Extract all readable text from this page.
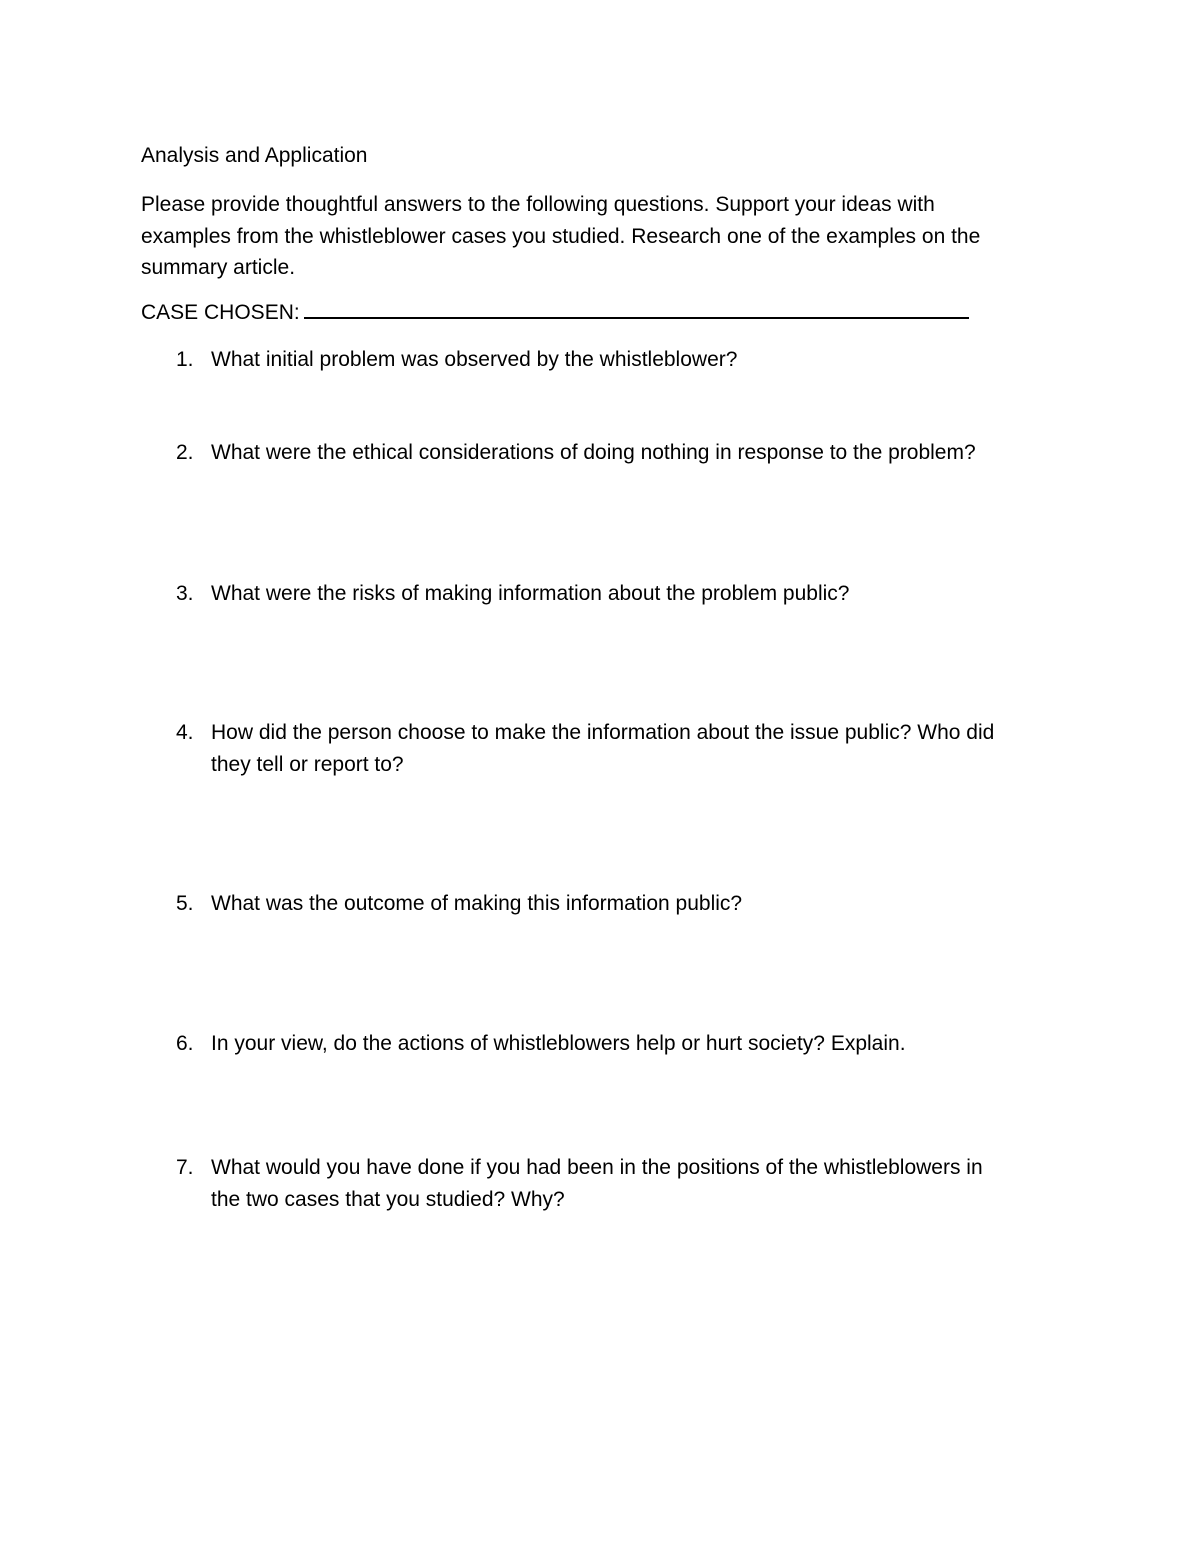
Analysis and Application
Please provide thoughtful answers to the following questions. Support your ideas with
examples from the whistleblower cases you studied. Research one of the examples on the
summary article.
CASE CHOSEN:
1. What initial problem was observed by the whistleblower?
2. What were the ethical considerations of doing nothing in response to the problem?
3. What were the risks of making information about the problem public?
4. How did the person choose to make the information about the issue public? Who did
they tell or report to?
5. What was the outcome of making this information public?
6. In your view, do the actions of whistleblowers help or hurt society? Explain.
7. What would you have done if you had been in the positions of the whistleblowers in
the two cases that you studied? Why?
